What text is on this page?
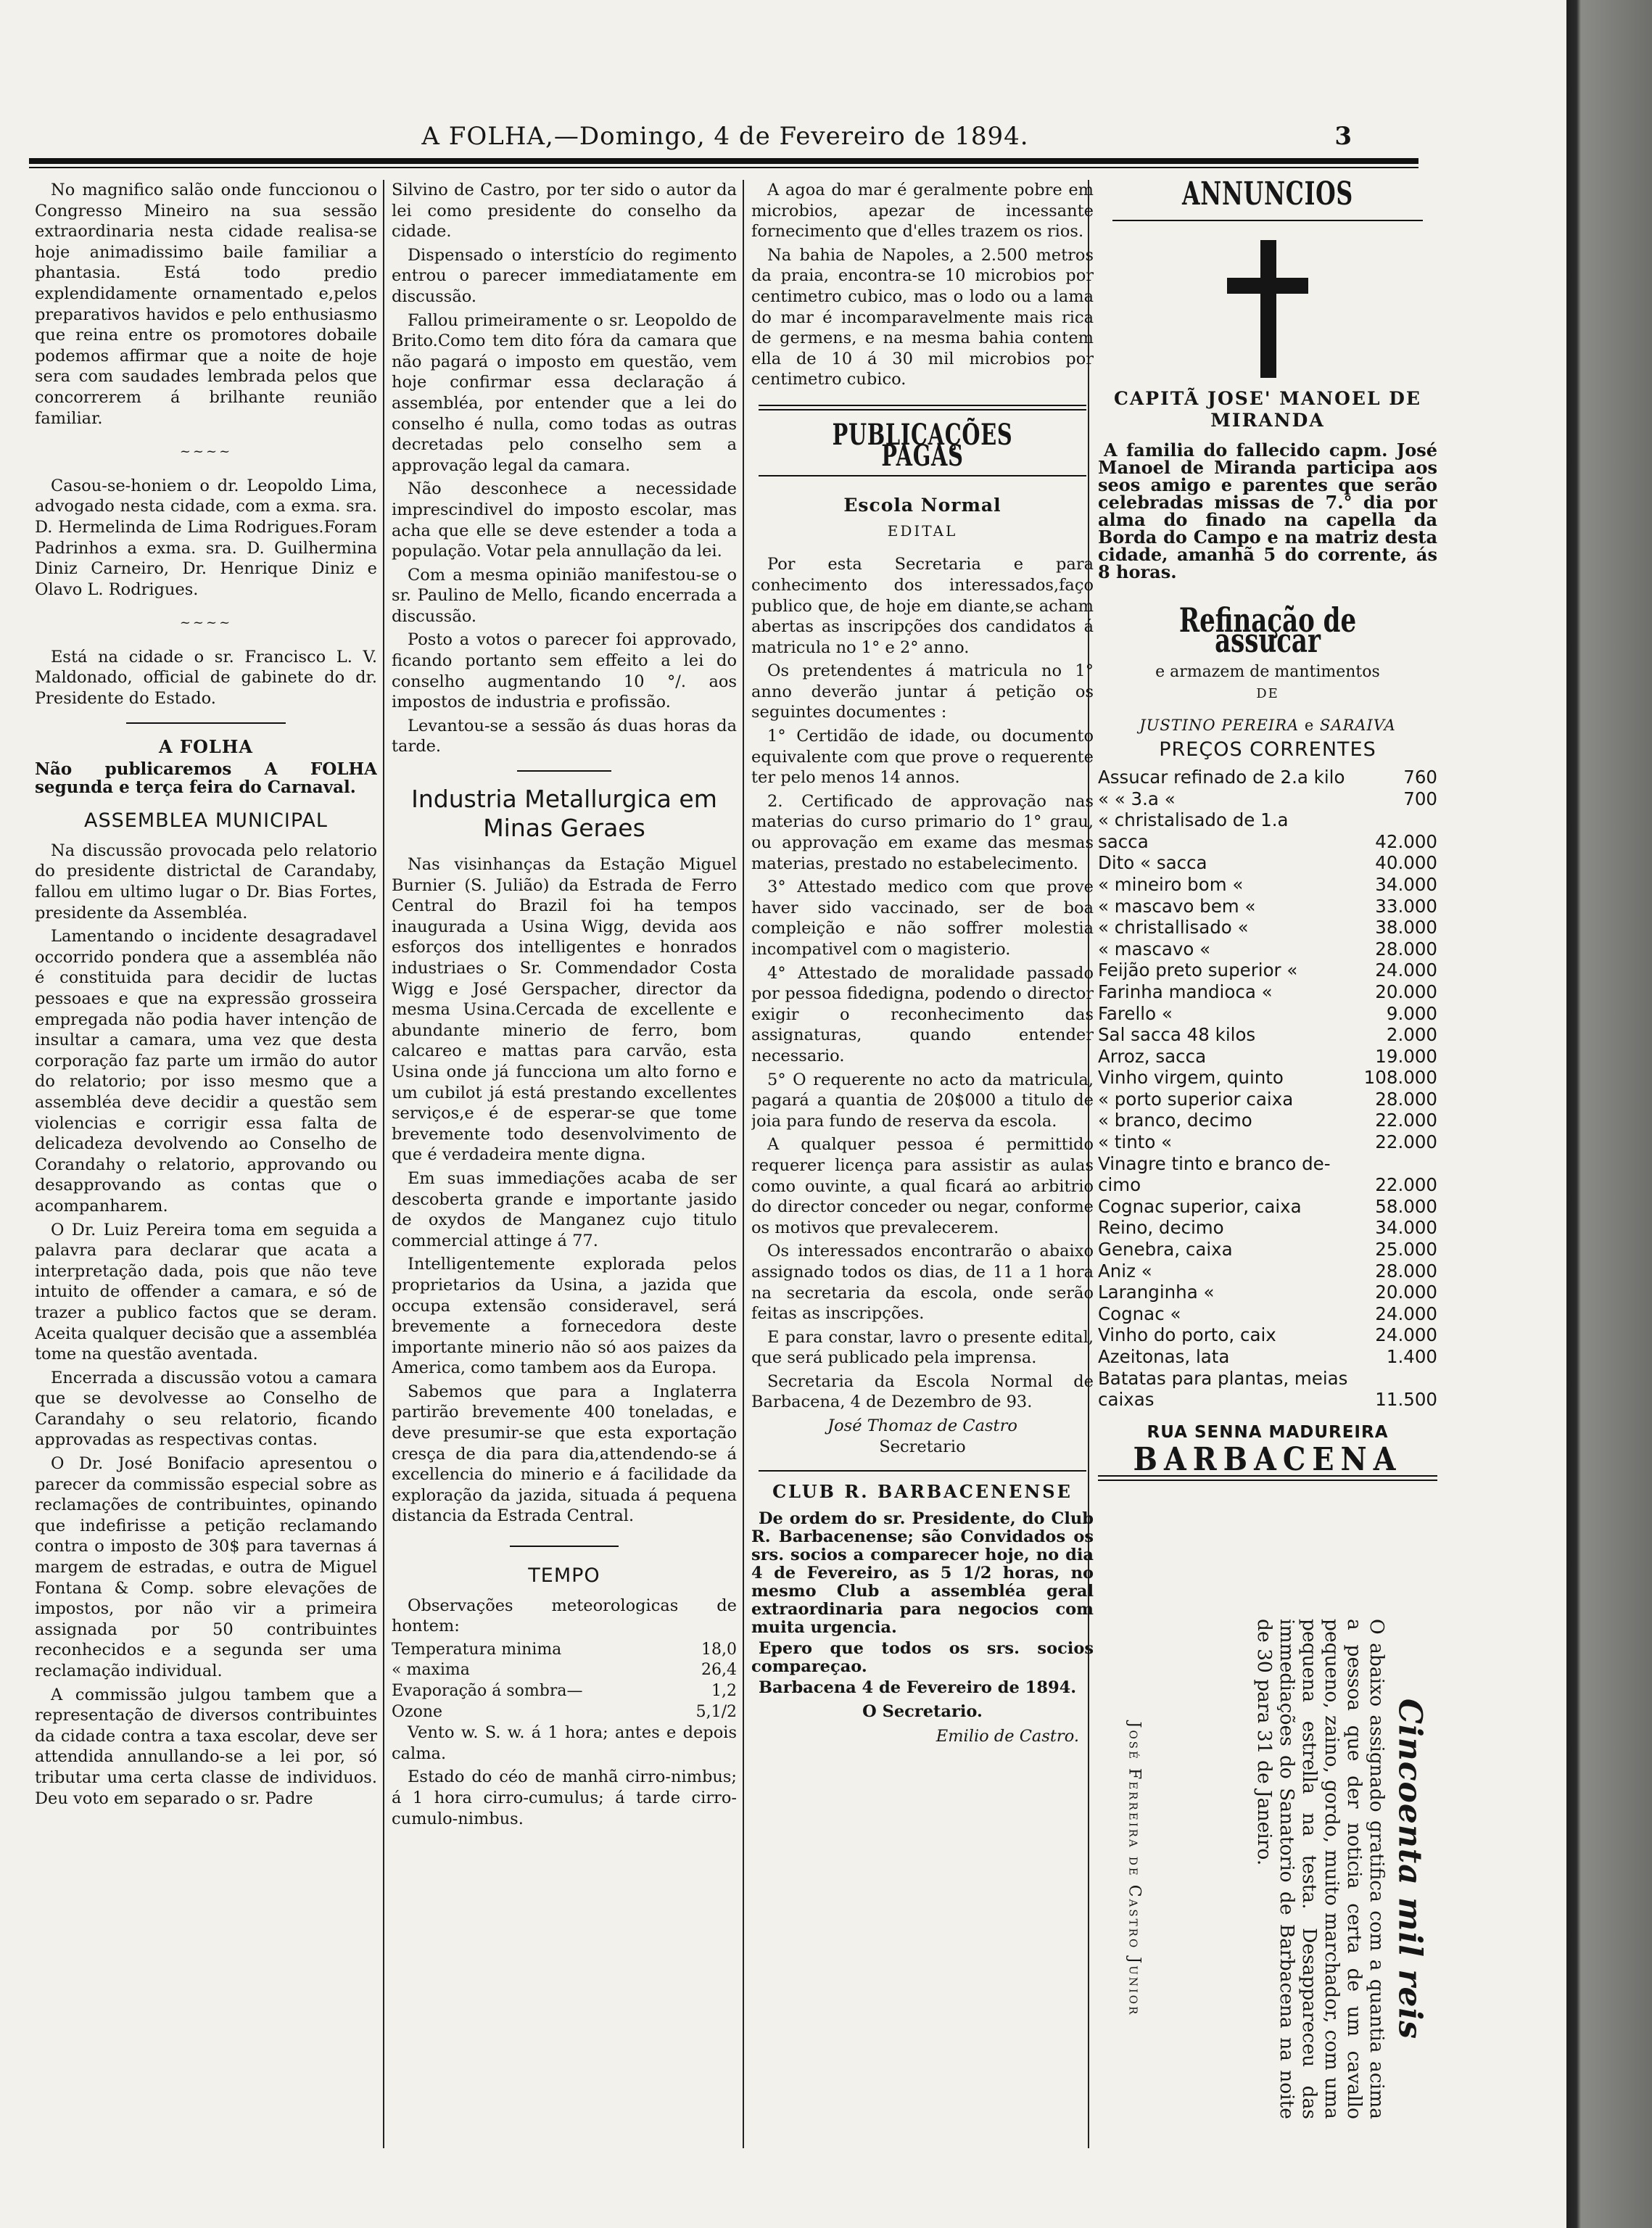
A FOLHA,—Domingo, 4 de Fevereiro de 1894.	3

No magnifico salão onde funccionou o Congresso Mineiro na sua sessão extraordinaria nesta cidade realisa-se hoje animadissimo baile familiar a phantasia. Está todo predio explendidamente ornamentado e,pelos preparativos havidos e pelo enthusiasmo que reina entre os promotores dobaile podemos affirmar que a noite de hoje sera com saudades lembrada pelos que concorrerem á brilhante reunião familiar.

~~~~

Casou-se-honiem o dr. Leopoldo Lima, advogado nesta cidade, com a exma. sra. D. Hermelinda de Lima Rodrigues.Foram Padrinhos a exma. sra. D. Guilhermina Diniz Carneiro, Dr. Henrique Diniz e Olavo L. Rodrigues.

~~~~

Está na cidade o sr. Francisco L. V. Maldonado, official de gabinete do dr. Presidente do Estado.

A FOLHA
Não publicaremos A FOLHA segunda e terça feira do Carnaval.
ASSEMBLEA MUNICIPAL

Na discussão provocada pelo relatorio do presidente districtal de Carandaby, fallou em ultimo lugar o Dr. Bias Fortes, presidente da Assembléa.

Lamentando o incidente desagradavel occorrido pondera que a assembléa não é constituida para decidir de luctas pessoaes e que na expressão grosseira empregada não podia haver intenção de insultar a camara, uma vez que desta corporação faz parte um irmão do autor do relatorio; por isso mesmo que a assembléa deve decidir a questão sem violencias e corrigir essa falta de delicadeza devolvendo ao Conselho de Corandahy o relatorio, approvando ou desapprovando as contas que o acompanharem.

O Dr. Luiz Pereira toma em seguida a palavra para declarar que acata a interpretação dada, pois que não teve intuito de offender a camara, e só de trazer a publico factos que se deram. Aceita qualquer decisão que a assembléa tome na questão aventada.

Encerrada a discussão votou a camara que se devolvesse ao Conselho de Carandahy o seu relatorio, ficando approvadas as respectivas contas.

O Dr. José Bonifacio apresentou o parecer da commissão especial sobre as reclamações de contribuintes, opinando que indefirisse a petição reclamando contra o imposto de 30$ para tavernas á margem de estradas, e outra de Miguel Fontana & Comp. sobre elevações de impostos, por não vir a primeira assignada por 50 contribuintes reconhecidos e a segunda ser uma reclamação individual.

A commissão julgou tambem que a representação de diversos contribuintes da cidade contra a taxa escolar, deve ser attendida annullando-se a lei por, só tributar uma certa classe de individuos. Deu voto em separado o sr. Padre

Silvino de Castro, por ter sido o autor da lei como presidente do conselho da cidade.

Dispensado o interstício do regimento entrou o parecer immediatamente em discussão.

Fallou primeiramente o sr. Leopoldo de Brito.Como tem dito fóra da camara que não pagará o imposto em questão, vem hoje confirmar essa declaração á assembléa, por entender que a lei do conselho é nulla, como todas as outras decretadas pelo conselho sem a approvação legal da camara.

Não desconhece a necessidade imprescindivel do imposto escolar, mas acha que elle se deve estender a toda a população. Votar pela annullação da lei.

Com a mesma opinião manifestou-se o sr. Paulino de Mello, ficando encerrada a discussão.

Posto a votos o parecer foi approvado, ficando portanto sem effeito a lei do conselho augmentando 10 °/. aos impostos de industria e profissão.

Levantou-se a sessão ás duas horas da tarde.

Industria Metallurgica em Minas Geraes

Nas visinhanças da Estação Miguel Burnier (S. Julião) da Estrada de Ferro Central do Brazil foi ha tempos inaugurada a Usina Wigg, devida aos esforços dos intelligentes e honrados industriaes o Sr. Commendador Costa Wigg e José Gerspacher, director da mesma Usina.Cercada de excellente e abundante minerio de ferro, bom calcareo e mattas para carvão, esta Usina onde já funcciona um alto forno e um cubilot já está prestando excellentes serviços,e é de esperar-se que tome brevemente todo desenvolvimento de que é verdadeira mente digna.

Em suas immediações acaba de ser descoberta grande e importante jasido de oxydos de Manganez cujo titulo commercial attinge á 77.

Intelligentemente explorada pelos proprietarios da Usina, a jazida que occupa extensão consideravel, será brevemente a fornecedora deste importante minerio não só aos paizes da America, como tambem aos da Europa.

Sabemos que para a Inglaterra partirão brevemente 400 toneladas, e deve presumir-se que esta exportação cresça de dia para dia,attendendo-se á excellencia do minerio e á facilidade da exploração da jazida, situada á pequena distancia da Estrada Central.

TEMPO

Observações meteorologicas de hontem:

Temperatura minima	18,0
« maxima	26,4
Evaporação á sombra—	1,2
Ozone	5,1/2

Vento w. S. w. á 1 hora; antes e depois calma.

Estado do céo de manhã cirro-nimbus; á 1 hora cirro-cumulus; á tarde cirro-cumulo-nimbus.

A agoa do mar é geralmente pobre em microbios, apezar de incessante fornecimento que d'elles trazem os rios.

Na bahia de Napoles, a 2.500 metros da praia, encontra-se 10 microbios por centimetro cubico, mas o lodo ou a lama do mar é incomparavelmente mais rica de germens, e na mesma bahia contem ella de 10 á 30 mil microbios por centimetro cubico.

PUBLICAÇÕES PAGAS
Escola Normal
EDITAL

Por esta Secretaria e para conhecimento dos interessados,faço publico que, de hoje em diante,se acham abertas as inscripções dos candidatos á matricula no 1° e 2° anno.

Os pretendentes á matricula no 1° anno deverão juntar á petição os seguintes documentes :

1° Certidão de idade, ou documento equivalente com que prove o requerente ter pelo menos 14 annos.

2. Certificado de approvação nas materias do curso primario do 1° grau, ou approvação em exame das mesmas materias, prestado no estabelecimento.

3° Attestado medico com que prove haver sido vaccinado, ser de boa compleição e não soffrer molestia incompativel com o magisterio.

4° Attestado de moralidade passado por pessoa fidedigna, podendo o director exigir o reconhecimento das assignaturas, quando entender necessario.

5° O requerente no acto da matricula, pagará a quantia de 20$000 a titulo de joia para fundo de reserva da escola.

A qualquer pessoa é permittido requerer licença para assistir as aulas como ouvinte, a qual ficará ao arbitrio do director conceder ou negar, conforme os motivos que prevalecerem.

Os interessados encontrarão o abaixo assignado todos os dias, de 11 a 1 hora na secretaria da escola, onde serão feitas as inscripções.

E para constar, lavro o presente edital, que será publicado pela imprensa.

Secretaria da Escola Normal de Barbacena, 4 de Dezembro de 93.

José Thomaz de Castro
Secretario
CLUB R. BARBACENENSE

De ordem do sr. Presidente, do Club R. Barbacenense; são Convidados os srs. socios a comparecer hoje, no dia 4 de Fevereiro, as 5 1/2 horas, no mesmo Club a assembléa geral extraordinaria para negocios com muita urgencia.

Epero que todos os srs. socios compareçao.

Barbacena 4 de Fevereiro de 1894.

O Secretario.
Emilio de Castro.
ANNUNCIOS
CAPITÃ JOSE' MANOEL DE MIRANDA
A familia do fallecido capm. José Manoel de Miranda participa aos seos amigo e parentes que serão celebradas missas de 7.° dia por alma do finado na capella da Borda do Campo e na matriz desta cidade, amanhã 5 do corrente, ás 8 horas.
Refinação de assucar
e armazem de mantimentos
DE
JUSTINO PEREIRA e SARAIVA
PREÇOS CORRENTES
Assucar refinado de 2.a kilo	760
« « 3.a «	700
« christalisado de 1.a
sacca	42.000
Dito « sacca	40.000
« mineiro bom «	34.000
« mascavo bem «	33.000
« christallisado «	38.000
« mascavo «	28.000
Feijão preto superior «	24.000
Farinha mandioca «	20.000
Farello «	9.000
Sal sacca 48 kilos	2.000
Arroz, sacca	19.000
Vinho virgem, quinto	108.000
« porto superior caixa	28.000
« branco, decimo	22.000
« tinto «	22.000
Vinagre tinto e branco de-
cimo	22.000
Cognac superior, caixa	58.000
Reino, decimo	34.000
Genebra, caixa	25.000
Aniz «	28.000
Laranginha «	20.000
Cognac «	24.000
Vinho do porto, caix	24.000
Azeitonas, lata	1.400
Batatas para plantas, meias
caixas	11.500
RUA SENNA MADUREIRA
BARBACENA
Cincoenta mil reis
O abaixo assignado gratifica com a quantia acima a pessoa que der noticia certa de um cavallo pequeno, zaino, gordo, muito marchador, com uma pequena estrella na testa. Desappareceu das immediações do Sanatorio de Barbacena na noite de 30 para 31 de Janeiro.
José Ferreira de Castro Junior
